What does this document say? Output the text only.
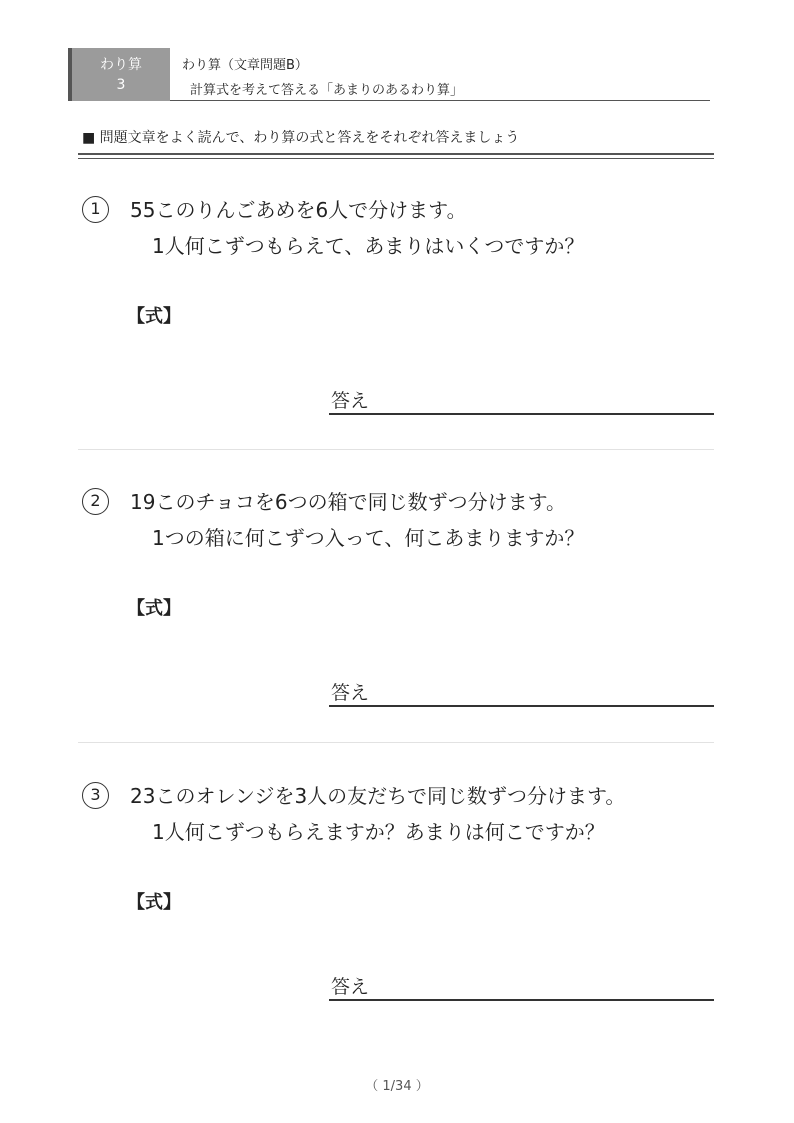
わり算
3
わり算（文章問題B）
計算式を考えて答える「あまりのあるわり算」
■ 問題文章をよく読んで、わり算の式と答えをそれぞれ答えましょう
1	55このりんごあめを6人で分けます。
1人何こずつもらえて、あまりはいくつですか？
【式】
答え
2	19このチョコを6つの箱で同じ数ずつ分けます。
1つの箱に何こずつ入って、何こあまりますか？
【式】
答え
3	23このオレンジを3人の友だちで同じ数ずつ分けます。
1人何こずつもらえますか？あまりは何こですか？
【式】
答え
（ 1/34 ）
